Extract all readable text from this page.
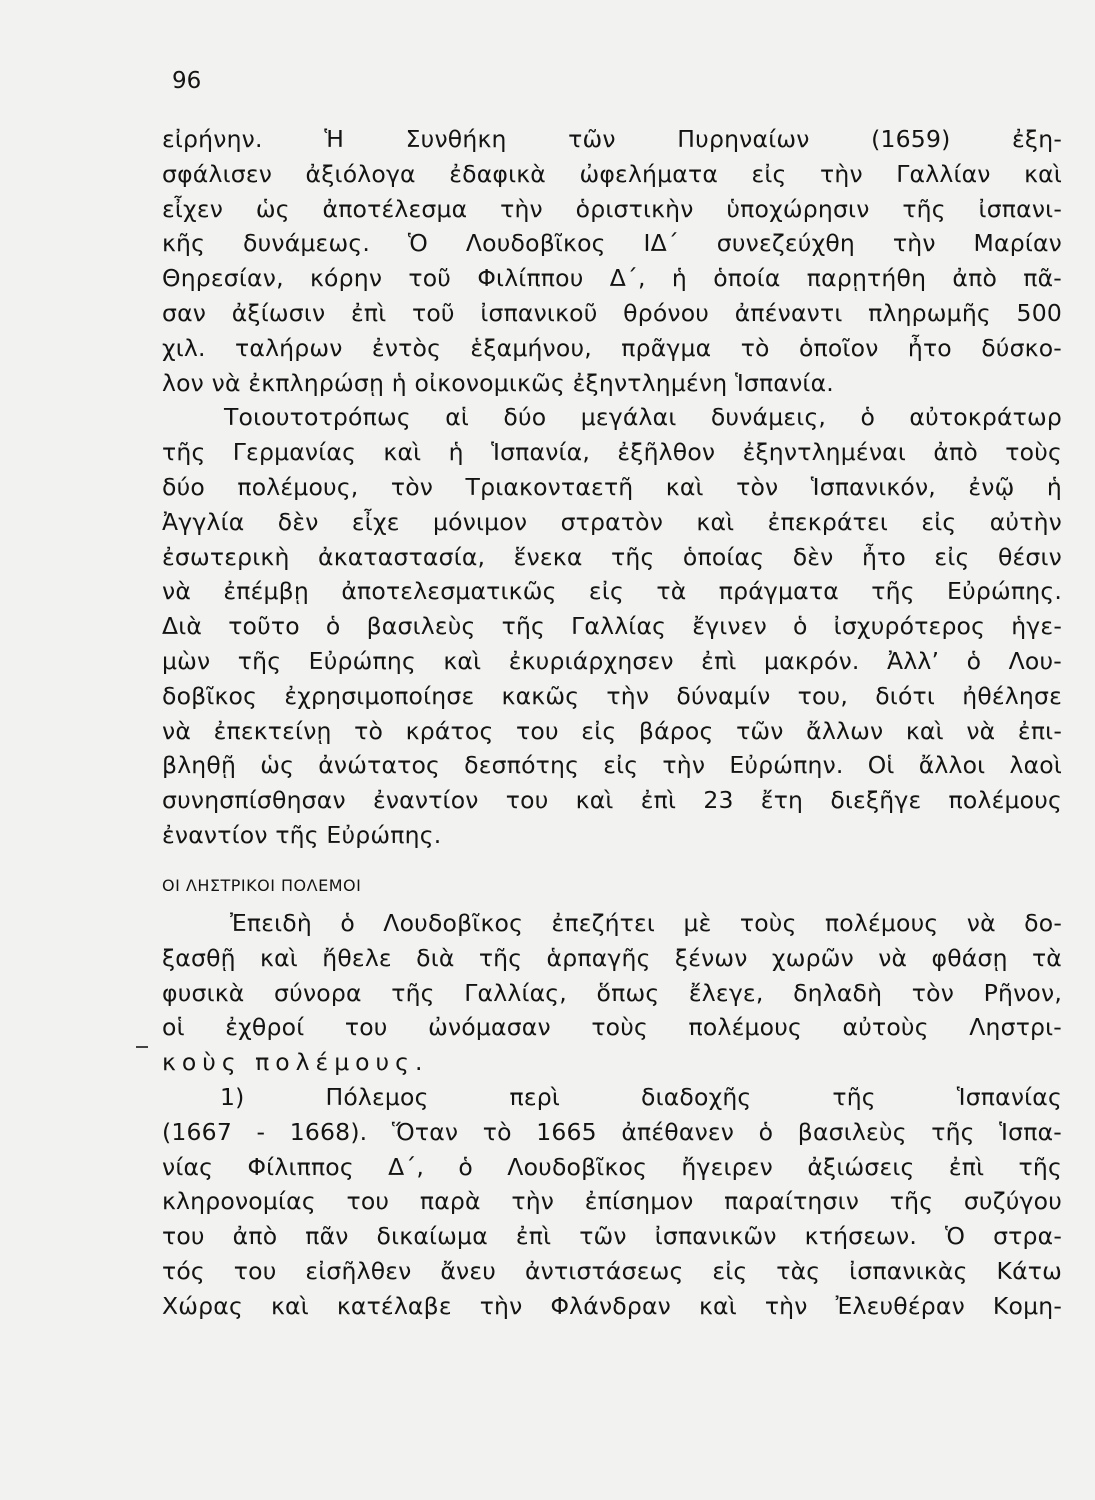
96
εἰρήνην. Ἡ Συνθήκη τῶν Πυρηναίων (1659) ἐξη-
σφάλισεν ἀξιόλογα ἐδαφικὰ ὠφελήματα εἰς τὴν Γαλλίαν καὶ
εἶχεν ὡς ἀποτέλεσμα τὴν ὁριστικὴν ὑποχώρησιν τῆς ἰσπανι-
κῆς δυνάμεως. Ὁ Λουδοβῖκος ΙΔ΄ συνεζεύχθη τὴν Μαρίαν
Θηρεσίαν, κόρην τοῦ Φιλίππου Δ΄, ἡ ὁποία παρῃτήθη ἀπὸ πᾶ-
σαν ἀξίωσιν ἐπὶ τοῦ ἰσπανικοῦ θρόνου ἀπέναντι πληρωμῆς 500
χιλ. ταλήρων ἐντὸς ἑξαμήνου, πρᾶγμα τὸ ὁποῖον ἦτο δύσκο-
λον νὰ ἐκπληρώσῃ ἡ οἰκονομικῶς ἐξηντλημένη Ἱσπανία.
Τοιουτοτρόπως αἱ δύο μεγάλαι δυνάμεις, ὁ αὐτοκράτωρ
τῆς Γερμανίας καὶ ἡ Ἱσπανία, ἐξῆλθον ἐξηντλημέναι ἀπὸ τοὺς
δύο πολέμους, τὸν Τριακονταετῆ καὶ τὸν Ἱσπανικόν, ἐνῷ ἡ
Ἀγγλία δὲν εἶχε μόνιμον στρατὸν καὶ ἐπεκράτει εἰς αὐτὴν
ἐσωτερικὴ ἀκαταστασία, ἕνεκα τῆς ὁποίας δὲν ἦτο εἰς θέσιν
νὰ ἐπέμβῃ ἀποτελεσματικῶς εἰς τὰ πράγματα τῆς Εὐρώπης.
Διὰ τοῦτο ὁ βασιλεὺς τῆς Γαλλίας ἔγινεν ὁ ἰσχυρότερος ἡγε-
μὼν τῆς Εὐρώπης καὶ ἐκυριάρχησεν ἐπὶ μακρόν. Ἀλλ’ ὁ Λου-
δοβῖκος ἐχρησιμοποίησε κακῶς τὴν δύναμίν του, διότι ἠθέλησε
νὰ ἐπεκτείνῃ τὸ κράτος του εἰς βάρος τῶν ἄλλων καὶ νὰ ἐπι-
βληθῇ ὡς ἀνώτατος δεσπότης εἰς τὴν Εὐρώπην. Οἱ ἄλλοι λαοὶ
συνησπίσθησαν ἐναντίον του καὶ ἐπὶ 23 ἔτη διεξῆγε πολέμους
ἐναντίον τῆς Εὐρώπης.
ΟΙ ΛΗΣΤΡΙΚΟΙ ΠΟΛΕΜΟΙ
Ἐπειδὴ ὁ Λουδοβῖκος ἐπεζήτει μὲ τοὺς πολέμους νὰ δο-
ξασθῇ καὶ ἤθελε διὰ τῆς ἁρπαγῆς ξένων χωρῶν νὰ φθάσῃ τὰ
φυσικὰ σύνορα τῆς Γαλλίας, ὅπως ἔλεγε, δηλαδὴ τὸν Ρῆνον,
οἱ ἐχθροί του ὠνόμασαν τοὺς πολέμους αὐτοὺς Ληστρι-
κοὺς πολέμους.
1) Πόλεμος περὶ διαδοχῆς τῆς Ἱσπανίας
(1667 - 1668). Ὅταν τὸ 1665 ἀπέθανεν ὁ βασιλεὺς τῆς Ἱσπα-
νίας Φίλιππος Δ΄, ὁ Λουδοβῖκος ἤγειρεν ἀξιώσεις ἐπὶ τῆς
κληρονομίας του παρὰ τὴν ἐπίσημον παραίτησιν τῆς συζύγου
του ἀπὸ πᾶν δικαίωμα ἐπὶ τῶν ἰσπανικῶν κτήσεων. Ὁ στρα-
τός του εἰσῆλθεν ἄνευ ἀντιστάσεως εἰς τὰς ἰσπανικὰς Κάτω
Χώρας καὶ κατέλαβε τὴν Φλάνδραν καὶ τὴν Ἐλευθέραν Κομη-
